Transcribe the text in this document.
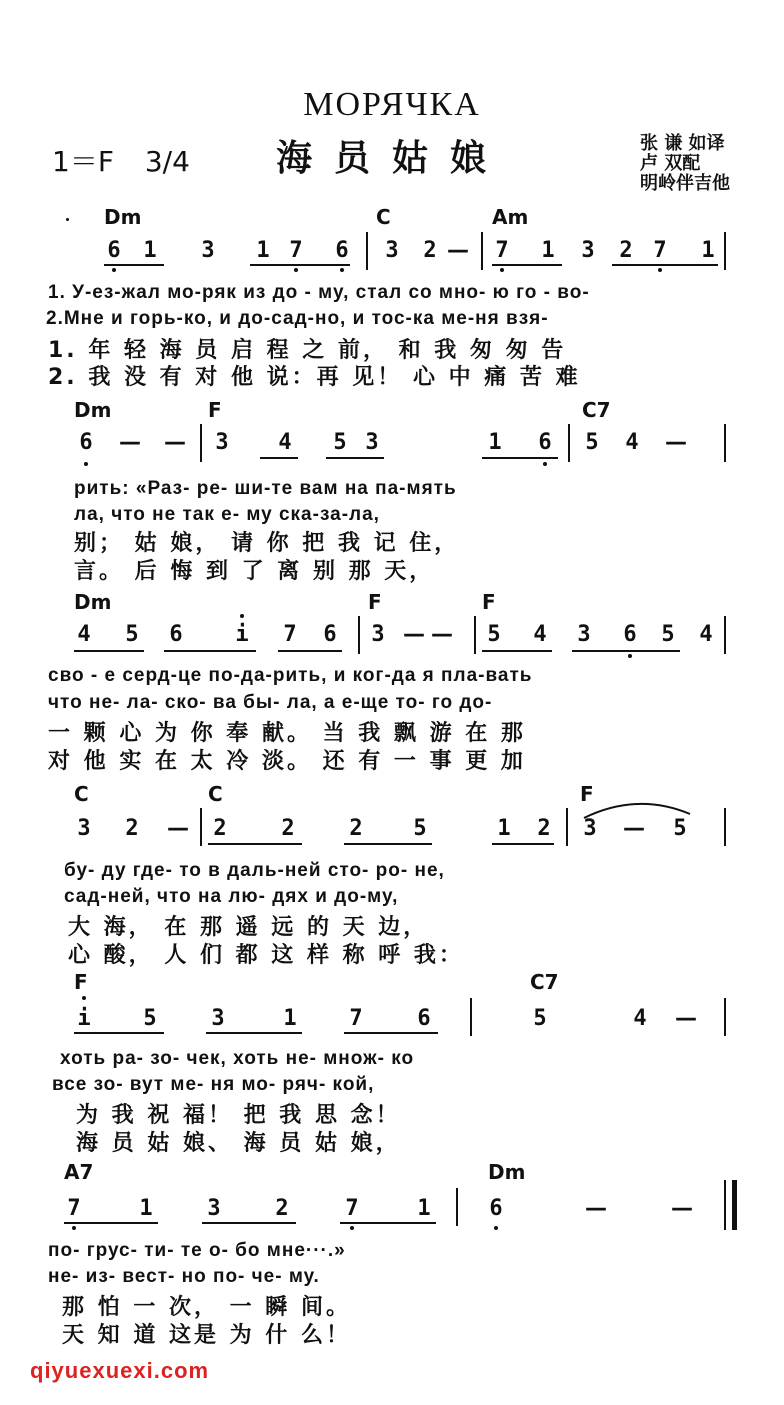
МОРЯЧКА
1＝F 3/4	海员姑娘	张 谦 如译
卢 双配
明岭伴吉他
Dm	C	Am
6 1 3 1 7 6 3 2 — 7 1 3 2 7 1
1. У-ез-жал мо-ряк из до - му, стал со мно- ю го - во-
2.Мне и горь-ко, и до-сад-но, и тос-ка ме-ня взя-
1. 年 轻 海 员 启 程 之 前， 和 我 匆 匆 告
2. 我 没 有 对 他 说：再 见！ 心 中 痛 苦 难
Dm	F	C7
6 — — 3 4 5 3	1 6 5 4 —
рить: «Раз- ре- ши-те вам на па-мять
ла, что не так е- му ска-за-ла,
别； 姑 娘， 请 你 把 我 记 住，
言。 后 悔 到 了 离 别 那 天，
Dm	F	F
4 5 6 i 7 6 3 — — 5 4 3 6 5 4
сво - е серд-це по-да-рить, и ког-да я плa-вать
что не- ла- ско- ва бы- ла, а е-ще то- го до-
一 颗 心 为 你 奉 献。 当 我 飘 游 在 那
对 他 实 在 太 冷 淡。 还 有 一 事 更 加
C	C	F
3 2 — 2 2 2 5	1 2 3 — 5
бу- ду где- то в даль-ней сто- ро- не,
сад-ней, что на лю- дях и до-му,
大 海， 在 那 遥 远 的 天 边，
心 酸， 人 们 都 这 样 称 呼 我：
F	C7
i 5 3	1 7 6	5	4 —
хоть ра- зо- чек, хоть не- множ- ко
все зо- вут ме- ня мо- ряч- кой,
为 我 祝 福！ 把 我 思 念！
海 员 姑 娘、 海 员 姑 娘，
A7	Dm
7	1 3 2	7	1	6	—	—
по- грус- ти- те о- бо мне···.»
не- из- вест- но по- че- му.
那 怕 一 次， 一 瞬 间。
天 知 道 这是 为 什 么！
qiyuexuexi.com
